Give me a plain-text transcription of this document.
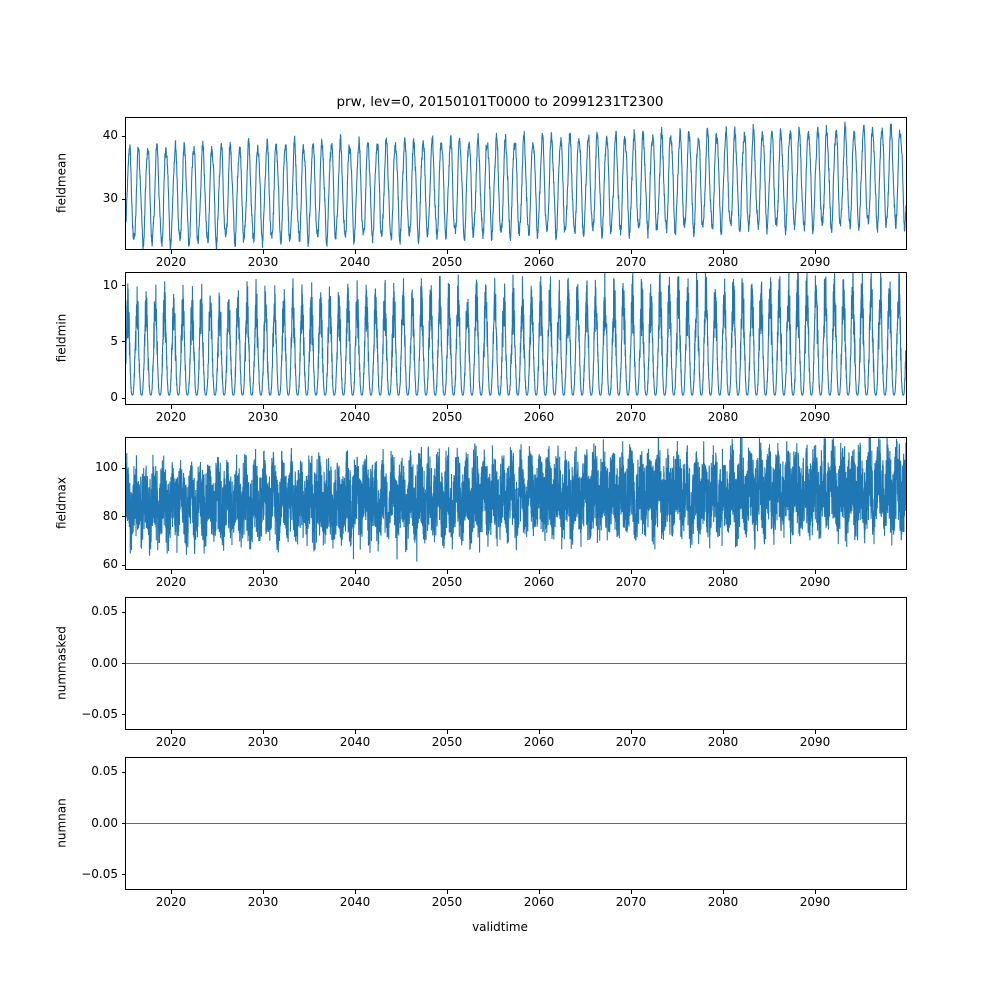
prw, lev=0, 20150101T0000 to 20991231T2300
fieldmean
fieldmin
fieldmax
nummasked
numnan
validtime
2020	2030	2040	2050	2060	2070	2080	2090
30
40
2020	2030	2040	2050	2060	2070	2080	2090
0
5
10
2020	2030	2040	2050	2060	2070	2080	2090
60
80
100
2020	2030	2040	2050	2060	2070	2080	2090
−0.05
0.00
0.05
2020	2030	2040	2050	2060	2070	2080	2090
−0.05
0.00
0.05
